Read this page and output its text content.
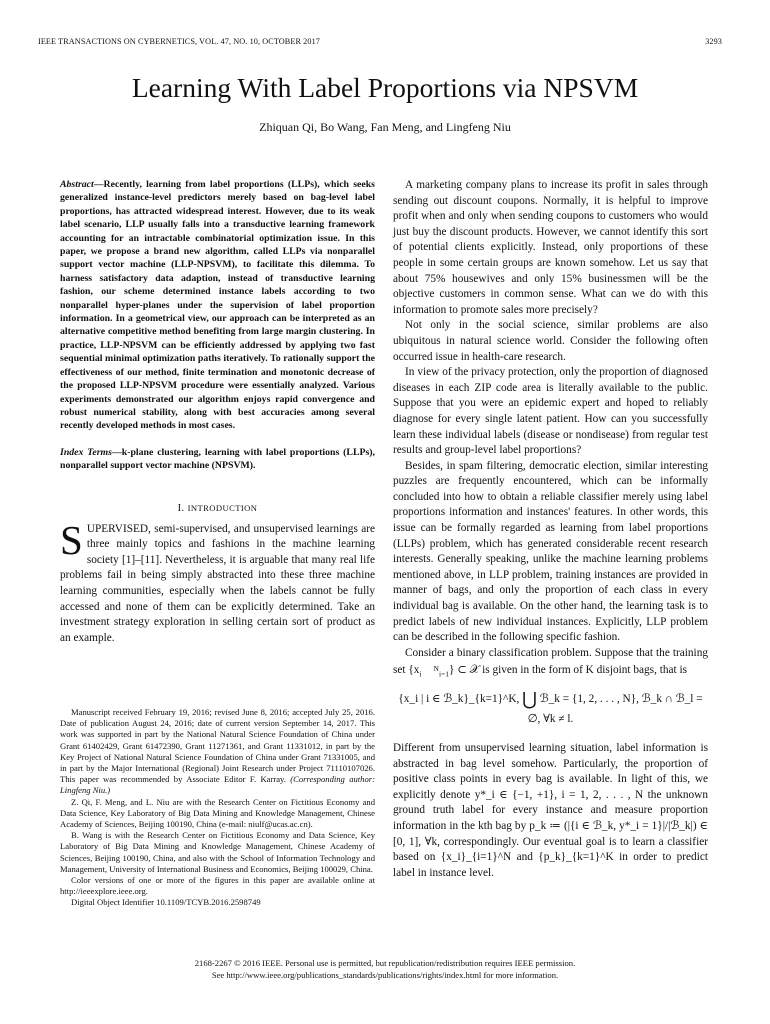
IEEE TRANSACTIONS ON CYBERNETICS, VOL. 47, NO. 10, OCTOBER 2017	3293
Learning With Label Proportions via NPSVM
Zhiquan Qi, Bo Wang, Fan Meng, and Lingfeng Niu

Abstract—Recently, learning from label proportions (LLPs), which seeks generalized instance-level predictors merely based on bag-level label proportions, has attracted widespread interest. However, due to its weak label scenario, LLP usually falls into a transductive learning framework accounting for an intractable combinatorial optimization issue. In this paper, we propose a brand new algorithm, called LLPs via nonparallel support vector machine (LLP-NPSVM), to facilitate this dilemma. To harness satisfactory data adaption, instead of transductive learning fashion, our scheme determined instance labels according to two nonparallel hyper-planes under the supervision of label proportion information. In a geometrical view, our approach can be interpreted as an alternative competitive method benefiting from large margin clustering. In practice, LLP-NPSVM can be efficiently addressed by applying two fast sequential minimal optimization paths iteratively. To rationally support the effectiveness of our method, finite termination and monotonic decrease of the proposed LLP-NPSVM procedure were essentially analyzed. Various experiments demonstrated our algorithm enjoys rapid convergence and robust numerical stability, along with best accuracies among several recently developed methods in most cases.

Index Terms—k-plane clustering, learning with label proportions (LLPs), nonparallel support vector machine (NPSVM).

I. INTRODUCTION

SUPERVISED, semi-supervised, and unsupervised learnings are three mainly topics and fashions in the machine learning society [1]–[11]. Nevertheless, it is arguable that many real life problems fail in being simply abstracted into these three machine learning communities, especially when the labels cannot be fully accessed and none of them can be explicitly determined. Take an investment strategy exploration in selling certain sort of product as an example.

Manuscript received February 19, 2016; revised June 8, 2016; accepted July 25, 2016. Date of publication August 24, 2016; date of current version September 14, 2017. This work was supported in part by the National Natural Science Foundation of China under Grant 61402429, Grant 61472390, Grant 11271361, and Grant 11331012, in part by the Key Project of National Natural Science Foundation of China under Grant 71331005, and in part by the Major International (Regional) Joint Research under Project 71110107026. This paper was recommended by Associate Editor F. Karray. (Corresponding author: Lingfeng Niu.)

Z. Qi, F. Meng, and L. Niu are with the Research Center on Fictitious Economy and Data Science, Key Laboratory of Big Data Mining and Knowledge Management, Chinese Academy of Sciences, Beijing 100190, China (e-mail: niulf@ucas.ac.cn).

B. Wang is with the Research Center on Fictitious Economy and Data Science, Key Laboratory of Big Data Mining and Knowledge Management, Chinese Academy of Sciences, Beijing 100190, China, and also with the School of Information Technology and Management, University of International Business and Economics, Beijing 100029, China.

Color versions of one or more of the figures in this paper are available online at http://ieeexplore.ieee.org.

Digital Object Identifier 10.1109/TCYB.2016.2598749

A marketing company plans to increase its profit in sales through sending out discount coupons. Normally, it is helpful to improve profit when and only when sending coupons to customers who would just buy the discount products. However, we cannot identify this sort of potential clients explicitly. Instead, only proportions of these people in some certain groups are known somehow. Let us say that about 75% housewives and only 15% businessmen will be the objective customers in common sense. What can we do with this information to promote sales more precisely?

Not only in the social science, similar problems are also ubiquitous in natural science world. Consider the following often occurred issue in health-care research.

In view of the privacy protection, only the proportion of diagnosed diseases in each ZIP code area is literally available to the public. Suppose that you were an epidemic expert and hoped to reliably diagnose for every single latent patient. How can you successfully learn these individual labels (disease or nondisease) from regular test results and group-level label proportions?

Besides, in spam filtering, democratic election, similar interesting puzzles are frequently encountered, which can be informally concluded into how to obtain a reliable classifier merely using label proportions information and instances' features. In other words, this issue can be formally regarded as learning from label proportions (LLPs) problem, which has generated considerable recent research interests. Generally speaking, unlike the machine learning problems mentioned above, in LLP problem, training instances are provided in manner of bags, and only the proportion of each class in every individual bag is available. On the other hand, the learning task is to predict labels of new individual instances. Explicitly, LLP problem can be described in the following specific fashion.

Consider a binary classification problem. Suppose that the training set $\{x_iN_{i=1}\}$ ⊂ 𝒳 is given in the form of K disjoint bags, that is

{x_i | i ∈ ℬ_k}_{k=1}^K, ⋃ ℬ_k = {1, 2, . . . , N}, ℬ_k ∩ ℬ_l = ∅, ∀k ≠ l.

Different from unsupervised learning situation, label information is abstracted in bag level somehow. Particularly, the proportion of positive class points in every bag is available. In light of this, we explicitly denote y*_i ∈ {−1, +1}, i = 1, 2, . . . , N the unknown ground truth label for every instance and measure proportion information in the kth bag by p_k ≔ (|{i ∈ ℬ_k, y*_i = 1}|/|ℬ_k|) ∈ [0, 1], ∀k, correspondingly. Our eventual goal is to learn a classifier based on {x_i}_{i=1}^N and {p_k}_{k=1}^K in order to predict label in instance level.

2168-2267 © 2016 IEEE. Personal use is permitted, but republication/redistribution requires IEEE permission.
See http://www.ieee.org/publications_standards/publications/rights/index.html for more information.
